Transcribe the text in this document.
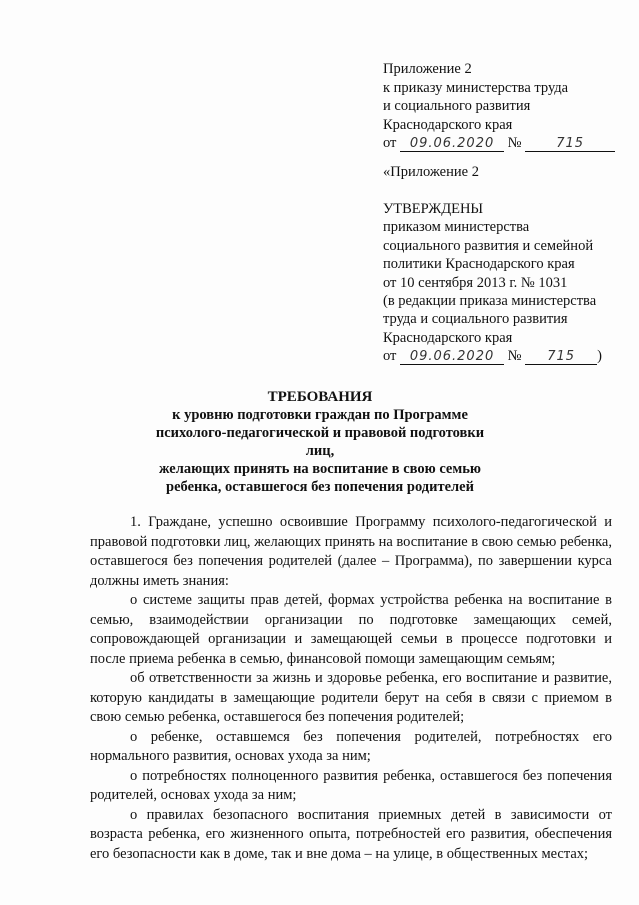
Приложение 2
к приказу министерства труда
и социального развития
Краснодарского края
от 09.06.2020 №	715
«Приложение 2
УТВЕРЖДЕНЫ
приказом министерства
социального развития и семейной
политики Краснодарского края
от 10 сентября 2013 г. № 1031
(в редакции приказа министерства
труда и социального развития
Краснодарского края
от 09.06.2020 № 715 )
ТРЕБОВАНИЯ
к уровню подготовки граждан по Программе
психолого-педагогической и правовой подготовки лиц,
желающих принять на воспитание в свою семью
ребенка, оставшегося без попечения родителей

1. Граждане, успешно освоившие Программу психолого-педагогической и правовой подготовки лиц, желающих принять на воспитание в свою семью ребенка, оставшегося без попечения родителей (далее – Программа), по завершении курса должны иметь знания:

о системе защиты прав детей, формах устройства ребенка на воспитание в семью, взаимодействии организации по подготовке замещающих семей, сопровождающей организации и замещающей семьи в процессе подготовки и после приема ребенка в семью, финансовой помощи замещающим семьям;

об ответственности за жизнь и здоровье ребенка, его воспитание и развитие, которую кандидаты в замещающие родители берут на себя в связи с приемом в свою семью ребенка, оставшегося без попечения родителей;

о ребенке, оставшемся без попечения родителей, потребностях его нормального развития, основах ухода за ним;

о потребностях полноценного развития ребенка, оставшегося без попечения родителей, основах ухода за ним;

о правилах безопасного воспитания приемных детей в зависимости от возраста ребенка, его жизненного опыта, потребностей его развития, обеспечения его безопасности как в доме, так и вне дома – на улице, в общественных местах;
